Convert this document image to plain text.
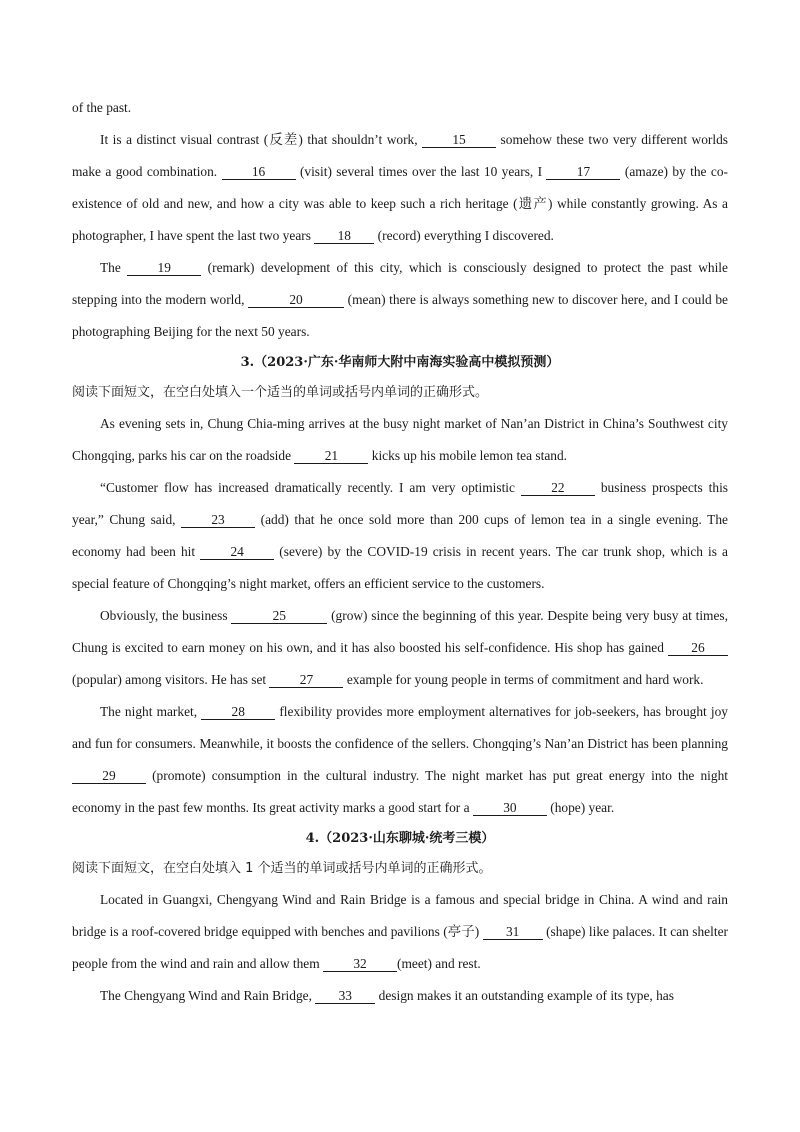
of the past.

It is a distinct visual contrast (反差) that shouldn’t work,	15	somehow these two very different worlds make a good combination.	16	(visit) several times over the last 10 years, I	17	(amaze) by the co-existence of old and new, and how a city was able to keep such a rich heritage (遗产) while constantly growing. As a photographer, I have spent the last two years 18 (record) everything I discovered.

The	19	(remark) development of this city, which is consciously designed to protect the past while stepping into the modern world,	20	(mean) there is always something new to discover here, and I could be photographing Beijing for the next 50 years.

3.（2023·广东·华南师大附中南海实验高中模拟预测）

阅读下面短文，在空白处填入一个适当的单词或括号内单词的正确形式。

As evening sets in, Chung Chia-ming arrives at the busy night market of Nan’an District in China’s Southwest city Chongqing, parks his car on the roadside	21	kicks up his mobile lemon tea stand.

“Customer flow has increased dramatically recently. I am very optimistic	22	business prospects this year,” Chung said,	23	(add) that he once sold more than 200 cups of lemon tea in a single evening. The economy had been hit	24	(severe) by the COVID-19 crisis in recent years. The car trunk shop, which is a special feature of Chongqing’s night market, offers an efficient service to the customers.

Obviously, the business	25	(grow) since the beginning of this year. Despite being very busy at times, Chung is excited to earn money on his own, and it has also boosted his self-confidence. His shop has gained 26 (popular) among visitors. He has set	27	example for young people in terms of commitment and hard work.

The night market,	28	flexibility provides more employment alternatives for job-seekers, has brought joy and fun for consumers. Meanwhile, it boosts the confidence of the sellers. Chongqing’s Nan’an District has been planning 29	(promote) consumption in the cultural industry. The night market has put great energy into the night economy in the past few months. Its great activity marks a good start for a	30	(hope) year.

4.（2023·山东聊城·统考三模）

阅读下面短文，在空白处填入 1 个适当的单词或括号内单词的正确形式。

Located in Guangxi, Chengyang Wind and Rain Bridge is a famous and special bridge in China. A wind and rain bridge is a roof-covered bridge equipped with benches and pavilions (亭子) 31 (shape) like palaces. It can shelter people from the wind and rain and allow them	32 (meet) and rest.

The Chengyang Wind and Rain Bridge, 33 design makes it an outstanding example of its type, has
